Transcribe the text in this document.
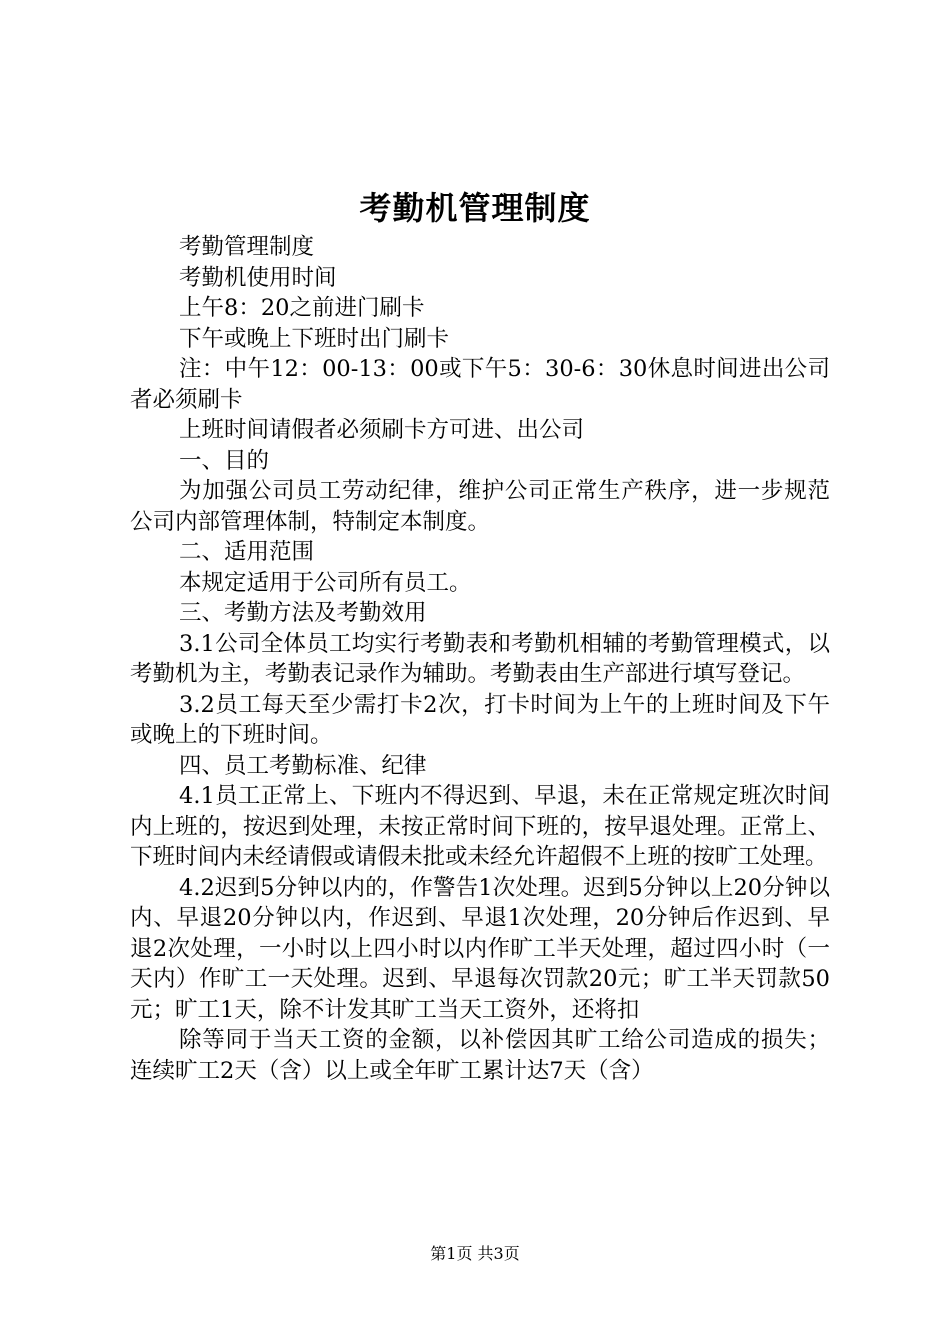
考勤机管理制度

考勤管理制度

考勤机使用时间

上午8：20之前进门刷卡

下午或晚上下班时出门刷卡

注：中午12：00-13：00或下午5：30-6：30休息时间进出公司者必须刷卡

上班时间请假者必须刷卡方可进、出公司

一、目的

为加强公司员工劳动纪律，维护公司正常生产秩序，进一步规范公司内部管理体制，特制定本制度。

二、适用范围

本规定适用于公司所有员工。

三、考勤方法及考勤效用

3.1公司全体员工均实行考勤表和考勤机相辅的考勤管理模式，以考勤机为主，考勤表记录作为辅助。考勤表由生产部进行填写登记。

3.2员工每天至少需打卡2次，打卡时间为上午的上班时间及下午或晚上的下班时间。

四、员工考勤标准、纪律

4.1员工正常上、下班内不得迟到、早退，未在正常规定班次时间内上班的，按迟到处理，未按正常时间下班的，按早退处理。正常上、下班时间内未经请假或请假未批或未经允许超假不上班的按旷工处理。

4.2迟到5分钟以内的，作警告1次处理。迟到5分钟以上20分钟以内、早退20分钟以内，作迟到、早退1次处理，20分钟后作迟到、早退2次处理，一小时以上四小时以内作旷工半天处理，超过四小时（一天内）作旷工一天处理。迟到、早退每次罚款20元；旷工半天罚款50元；旷工1天，除不计发其旷工当天工资外，还将扣

除等同于当天工资的金额，以补偿因其旷工给公司造成的损失；连续旷工2天（含）以上或全年旷工累计达7天（含）

第1页 共3页
